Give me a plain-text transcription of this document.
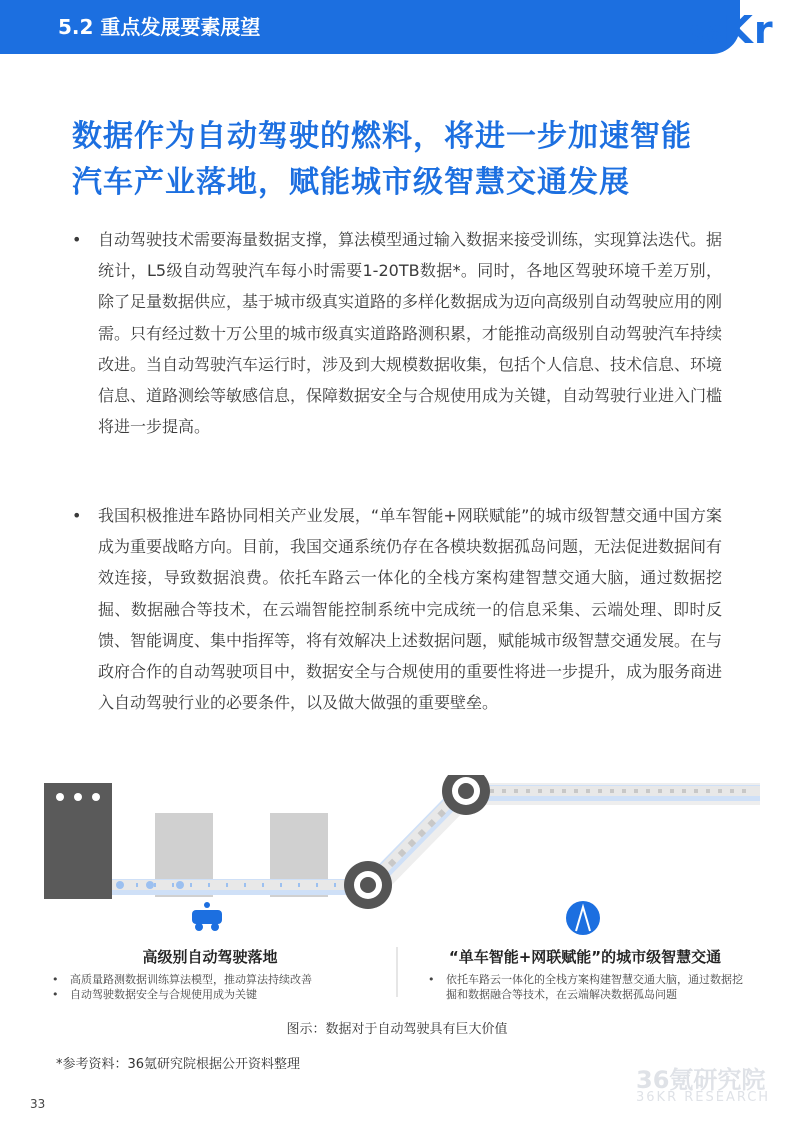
5.2 重点发展要素展望	36Kr
数据作为自动驾驶的燃料，将进一步加速智能
汽车产业落地，赋能城市级智慧交通发展
• 自动驾驶技术需要海量数据支撑，算法模型通过输入数据来接受训练，实现算法迭代。据统计，L5级自动驾驶汽车每小时需要1-20TB数据*。同时，各地区驾驶环境千差万别，除了足量数据供应，基于城市级真实道路的多样化数据成为迈向高级别自动驾驶应用的刚需。只有经过数十万公里的城市级真实道路路测积累，才能推动高级别自动驾驶汽车持续改进。当自动驾驶汽车运行时，涉及到大规模数据收集，包括个人信息、技术信息、环境信息、道路测绘等敏感信息，保障数据安全与合规使用成为关键，自动驾驶行业进入门槛将进一步提高。
• 我国积极推进车路协同相关产业发展，“单车智能+网联赋能”的城市级智慧交通中国方案成为重要战略方向。目前，我国交通系统仍存在各模块数据孤岛问题，无法促进数据间有效连接，导致数据浪费。依托车路云一体化的全栈方案构建智慧交通大脑，通过数据挖掘、数据融合等技术，在云端智能控制系统中完成统一的信息采集、云端处理、即时反馈、智能调度、集中指挥等，将有效解决上述数据问题，赋能城市级智慧交通发展。在与政府合作的自动驾驶项目中，数据安全与合规使用的重要性将进一步提升，成为服务商进入自动驾驶行业的必要条件，以及做大做强的重要壁垒。
高级别自动驾驶落地
• 高质量路测数据训练算法模型，推动算法持续改善
• 自动驾驶数据安全与合规使用成为关键
“单车智能+网联赋能”的城市级智慧交通
• 依托车路云一体化的全栈方案构建智慧交通大脑，通过数据挖掘和数据融合等技术，在云端解决数据孤岛问题
图示：数据对于自动驾驶具有巨大价值
*参考资料：36氪研究院根据公开资料整理
33
36氪研究院
36KR RESEARCH
